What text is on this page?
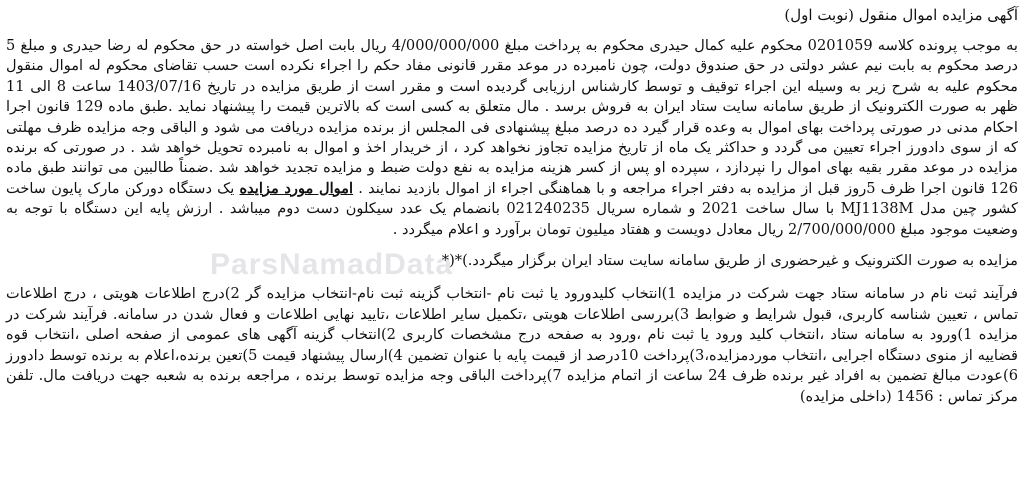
آگهی مزایده اموال منقول (نوبت اول)

به موجب پرونده کلاسه 0201059 محکوم علیه کمال حیدری محکوم به پرداخت مبلغ 4/000/000/000 ریال بابت اصل خواسته در حق محکوم له رضا حیدری و مبلغ 5 درصد محکوم به بابت نیم عشر دولتی در حق صندوق دولت، چون نامبرده در موعد مقرر قانونی مفاد حکم را اجراء نکرده است حسب تقاضای محکوم له اموال منقول محکوم علیه به شرح زیر به وسیله این اجراء توقیف و توسط کارشناس ارزیابی گردیده است و مقرر است از طریق مزایده در تاریخ 1403/07/16 ساعت 8 الی 11 ظهر به صورت الکترونیک از طریق سامانه سایت ستاد ایران به فروش برسد . مال متعلق به کسی است که بالاترین قیمت را پیشنهاد نماید .طبق ماده 129 قانون اجرا احکام مدنی در صورتی پرداخت بهای اموال به وعده قرار گیرد ده درصد مبلغ پیشنهادی فی المجلس از برنده مزایده دریافت می شود و الباقی وجه مزایده ظرف مهلتی که از سوی دادورز اجراء تعیین می گردد و حداکثر یک ماه از تاریخ مزایده تجاوز نخواهد کرد ، از خریدار اخذ و اموال به نامبرده تحویل خواهد شد . در صورتی که برنده مزایده در موعد مقرر بقیه بهای اموال را نپردازد ، سپرده او پس از کسر هزینه مزایده به نفع دولت ضبط و مزایده تجدید خواهد شد .ضمناً طالبین می توانند طبق ماده 126 قانون اجرا ظرف 5روز قبل از مزایده به دفتر اجراء مراجعه و با هماهنگی اجراء از اموال بازدید نمایند . اموال مورد مزایده یک دستگاه دورکن مارک پایون ساخت کشور چین مدل MJ1138M با سال ساخت 2021 و شماره سریال 021240235 بانضمام یک عدد سیکلون دست دوم میباشد . ارزش پایه این دستگاه با توجه به وضعیت موجود مبلغ 2/700/000/000 ریال معادل دویست و هفتاد میلیون تومان برآورد و اعلام میگردد .

مزایده به صورت الکترونیک و غیرحضوری از طریق سامانه سایت ستاد ایران برگزار میگردد.)*(*

فرآیند ثبت نام در سامانه ستاد جهت شرکت در مزایده 1)انتخاب کلیدورود یا ثبت نام -انتخاب گزینه ثبت نام-انتخاب مزایده گر 2)درج اطلاعات هویتی ، درج اطلاعات تماس ، تعیین شناسه کاربری، قبول شرایط و ضوابط 3)بررسی اطلاعات هویتی ،تکمیل سایر اطلاعات ،تایید نهایی اطلاعات و فعال شدن در سامانه. فرآیند شرکت در مزایده 1)ورود به سامانه ستاد ،انتخاب کلید ورود یا ثبت نام ،ورود به صفحه درج مشخصات کاربری 2)انتخاب گزینه آگهی های عمومی از صفحه اصلی ،انتخاب قوه قضاییه از منوی دستگاه اجرایی ،انتخاب موردمزایده،3)پرداخت 10درصد از قیمت پایه با عنوان تضمین 4)ارسال پیشنهاد قیمت 5)تعین برنده،اعلام به برنده توسط دادورز 6)عودت مبالغ تضمین به افراد غیر برنده ظرف 24 ساعت از اتمام مزایده 7)پرداخت الباقی وجه مزایده توسط برنده ، مراجعه برنده به شعبه جهت دریافت مال. تلفن مرکز تماس : 1456 (داخلی مزایده)

ParsNamadData
